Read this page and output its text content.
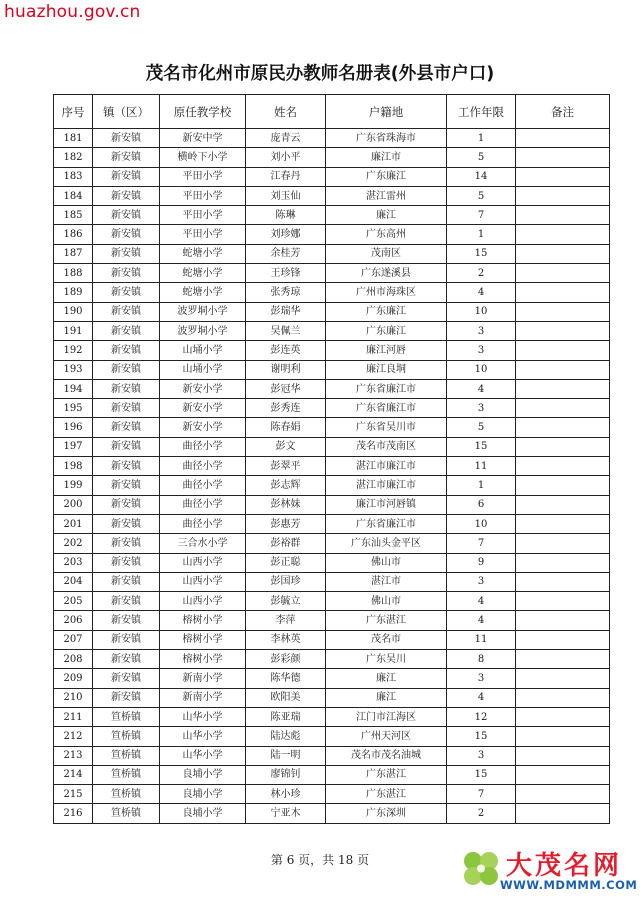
huazhou.gov.cn
茂名市化州市原民办教师名册表(外县市户口)
序号	镇（区）	原任教学校	姓名	户籍地	工作年限	备注
181	新安镇	新安中学	庞青云	广东省珠海市	1	
182	新安镇	横岭下小学	刘小平	廉江市	5	
183	新安镇	平田小学	江春丹	广东廉江	14	
184	新安镇	平田小学	刘玉仙	湛江雷州	5	
185	新安镇	平田小学	陈琳	廉江	7	
186	新安镇	平田小学	刘珍娜	广东高州	1	
187	新安镇	蛇塘小学	余桂芳	茂南区	15	
188	新安镇	蛇塘小学	王珍锋	广东遂溪县	2	
189	新安镇	蛇塘小学	张秀琼	广州市海珠区	4	
190	新安镇	波罗垌小学	彭瑞华	广东廉江	10	
191	新安镇	波罗垌小学	吴佩兰	广东廉江	3	
192	新安镇	山埇小学	彭连英	廉江河唇	3	
193	新安镇	山埇小学	谢明利	廉江良垌	10	
194	新安镇	新安小学	彭冠华	广东省廉江市	4	
195	新安镇	新安小学	彭秀连	广东省廉江市	3	
196	新安镇	新安小学	陈春娟	广东省吴川市	5	
197	新安镇	曲径小学	彭文	茂名市茂南区	15	
198	新安镇	曲径小学	彭翠平	湛江市廉江市	11	
199	新安镇	曲径小学	彭志辉	湛江市廉江市	1	
200	新安镇	曲径小学	彭林妹	廉江市河唇镇	6	
201	新安镇	曲径小学	彭惠芳	广东省廉江市	10	
202	新安镇	三合水小学	彭裕群	广东汕头金平区	7	
203	新安镇	山西小学	彭正聪	佛山市	9	
204	新安镇	山西小学	彭国珍	湛江市	3	
205	新安镇	山西小学	彭毓立	佛山市	4	
206	新安镇	榕树小学	李萍	广东湛江	4	
207	新安镇	榕树小学	李林英	茂名市	11	
208	新安镇	榕树小学	彭彩颜	广东吴川	8	
209	新安镇	新南小学	陈华德	廉江	3	
210	新安镇	新南小学	欧阳美	廉江	4	
211	笪桥镇	山华小学	陈亚瑞	江门市江海区	12	
212	笪桥镇	山华小学	陆达彪	广州天河区	15	
213	笪桥镇	山华小学	陆一明	茂名市茂名油城	3	
214	笪桥镇	良埔小学	廖锦钊	广东湛江	15	
215	笪桥镇	良埔小学	林小珍	广东湛江	7	
216	笪桥镇	良埔小学	宁亚木	广东深圳	2	
第 6 页，共 18 页	大茂名网
WWW.MDMMM.COM
